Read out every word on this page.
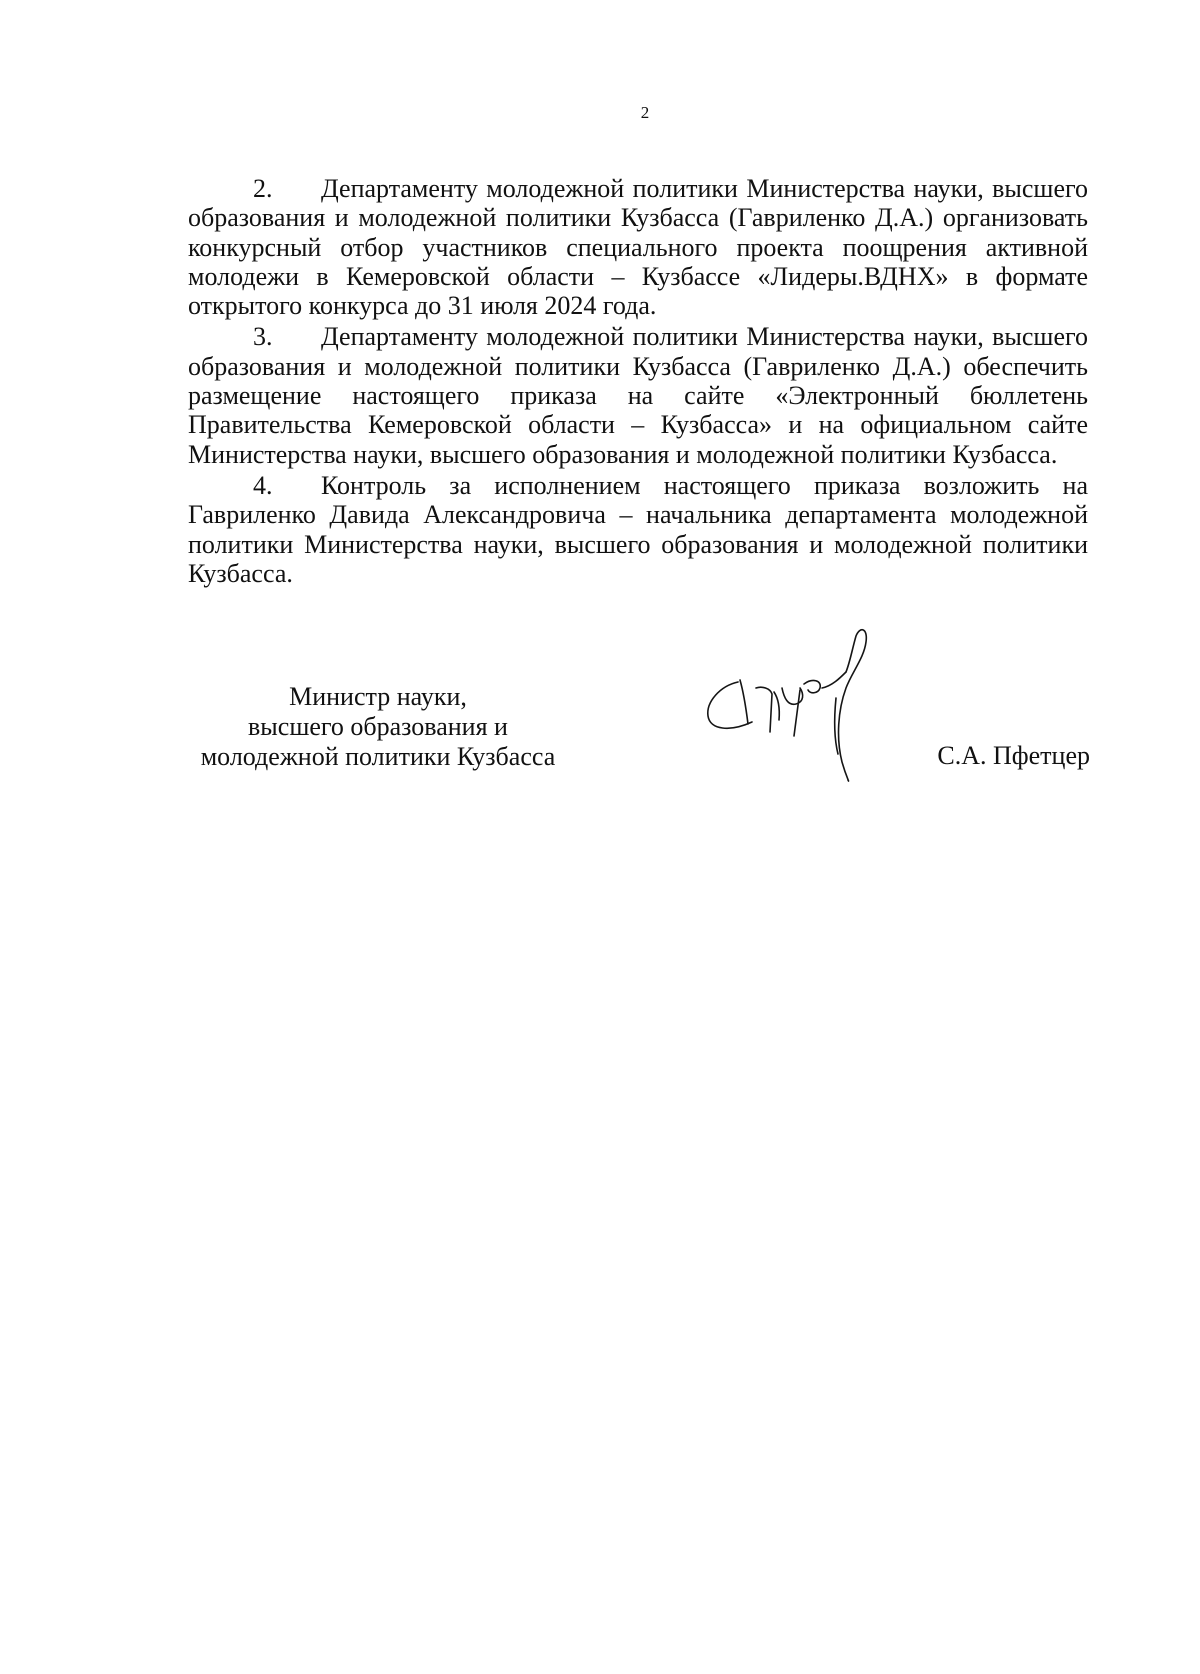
2

2. Департаменту молодежной политики Министерства науки, высшего образования и молодежной политики Кузбасса (Гавриленко Д.А.) организовать конкурсный отбор участников специального проекта поощрения активной молодежи в Кемеровской области – Кузбассе «Лидеры.ВДНХ» в формате открытого конкурса до 31 июля 2024 года.

3. Департаменту молодежной политики Министерства науки, высшего образования и молодежной политики Кузбасса (Гавриленко Д.А.) обеспечить размещение настоящего приказа на сайте «Электронный бюллетень Правительства Кемеровской области – Кузбасса» и на официальном сайте Министерства науки, высшего образования и молодежной политики Кузбасса.

4. Контроль за исполнением настоящего приказа возложить на Гавриленко Давида Александровича – начальника департамента молодежной политики Министерства науки, высшего образования и молодежной политики Кузбасса.

Министр науки,
высшего образования и
молодежной политики Кузбасса	С.А. Пфетцер
